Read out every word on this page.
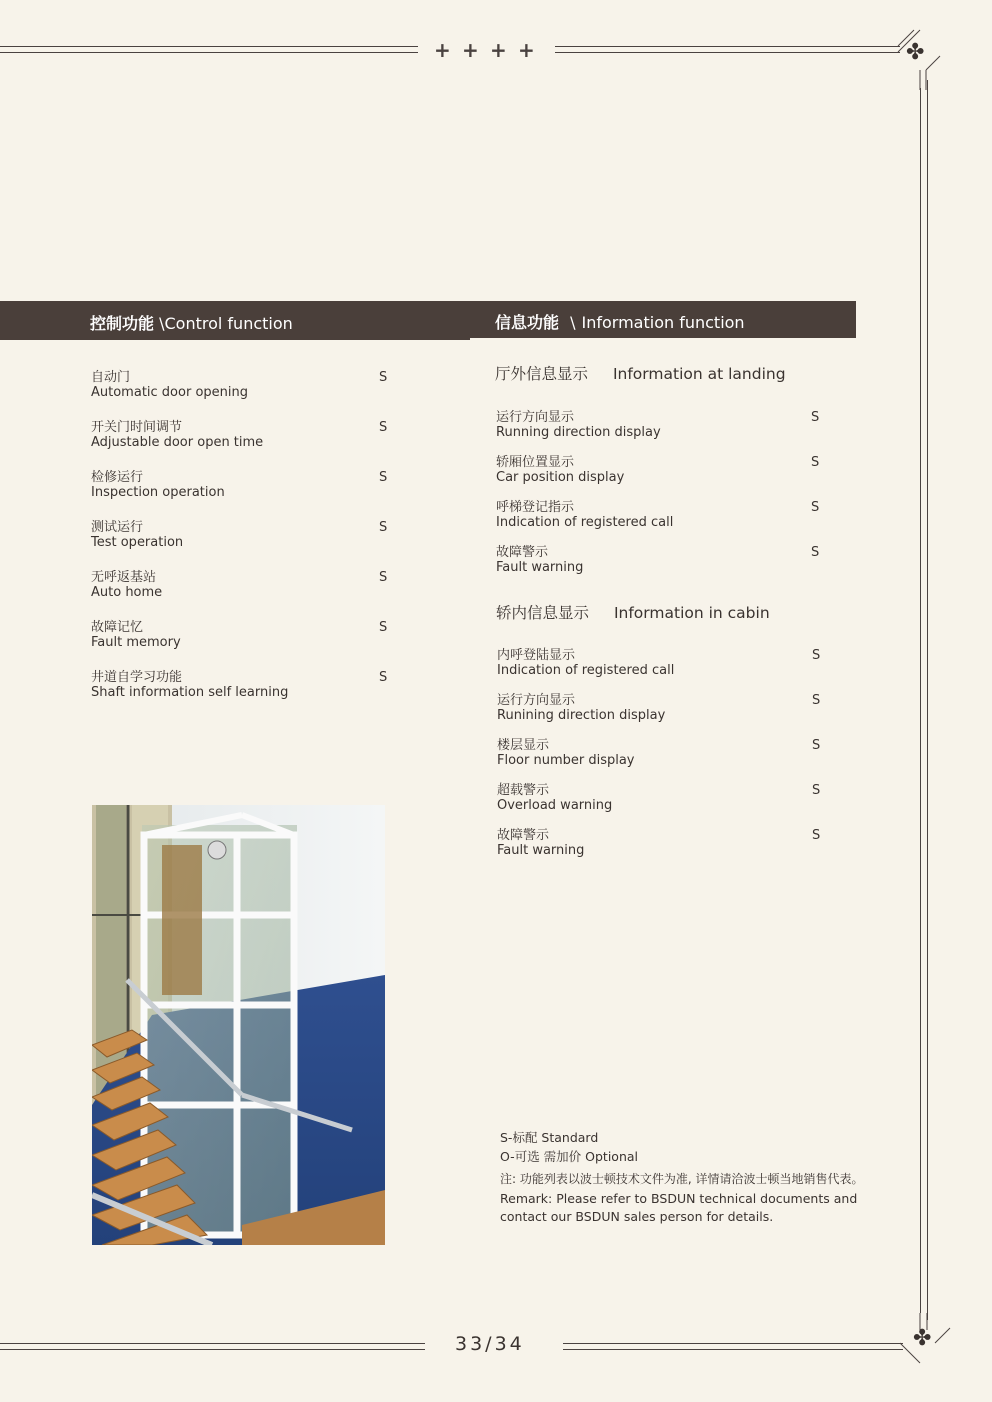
+ + + +	✤
33/34	✤
控制功能 \Control function	信息功能 \ Information function
自动门
Automatic door opening
S
开关门时间调节
Adjustable door open time
S
检修运行
Inspection operation
S
测试运行
Test operation
S
无呼返基站
Auto home
S
故障记忆
Fault memory
S
井道自学习功能
Shaft information self learning
S
厅外信息显示 Information at landing
运行方向显示
Running direction display
S
轿厢位置显示
Car position display
S
呼梯登记指示
Indication of registered call
S
故障警示
Fault warning
S
轿内信息显示 Information in cabin
内呼登陆显示
Indication of registered call
S
运行方向显示
Runining direction display
S
楼层显示
Floor number display
S
超载警示
Overload warning
S
故障警示
Fault warning
S
S-标配 Standard
O-可选 需加价 Optional
注: 功能列表以波士顿技术文件为准, 详情请洽波士顿当地销售代表。
Remark: Please refer to BSDUN technical documents and contact our BSDUN sales person for details.
